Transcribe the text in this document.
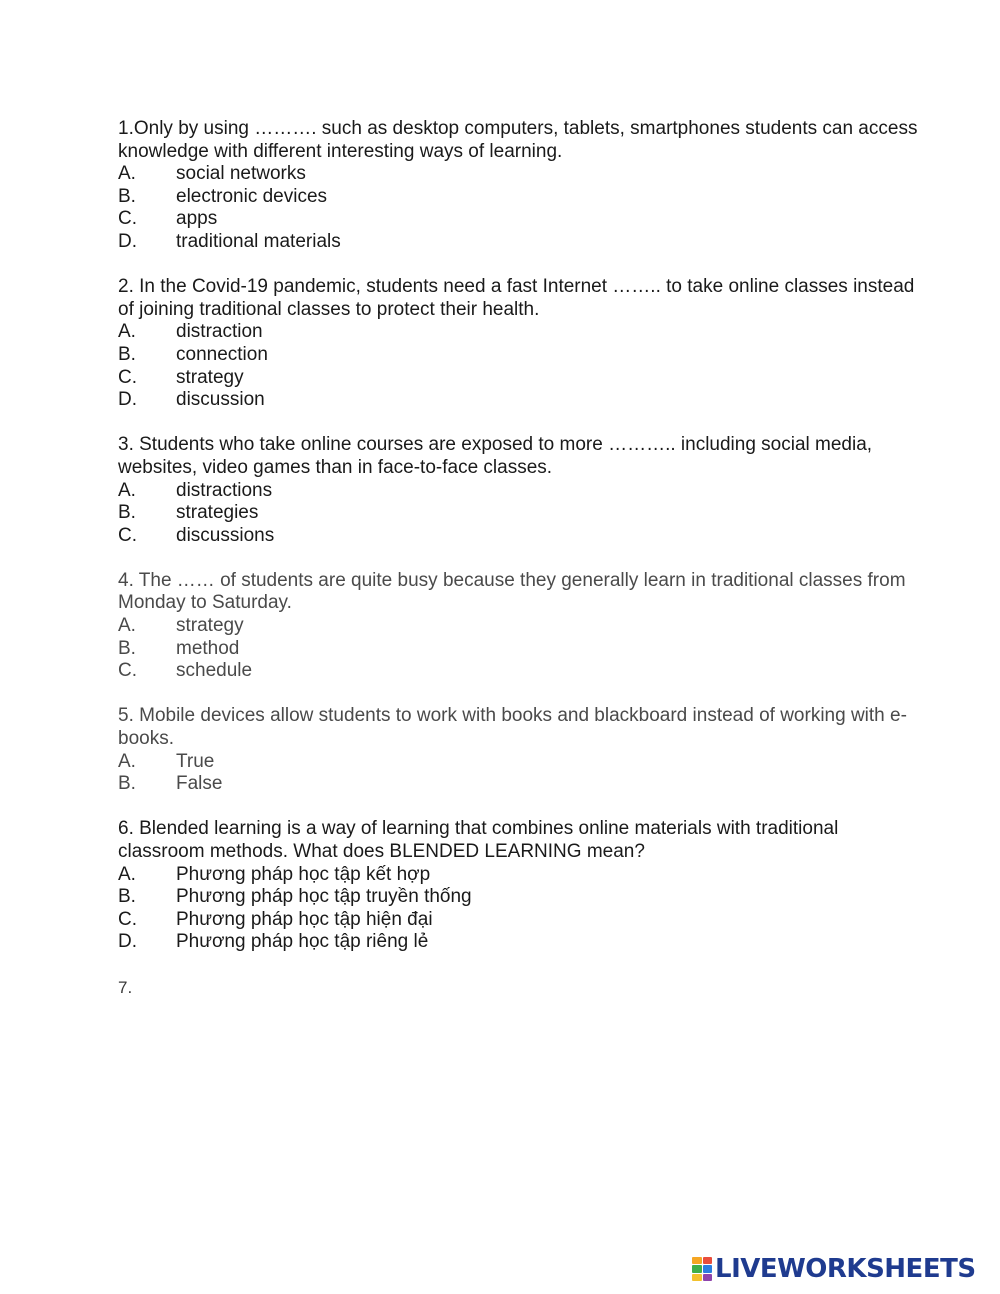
1.Only by using ………. such as desktop computers, tablets, smartphones students can access knowledge with different interesting ways of learning.
A.	social networks
B.	electronic devices
C.	apps
D.	traditional materials
2. In the Covid-19 pandemic, students need a fast Internet …….. to take online classes instead of joining traditional classes to protect their health.
A.	distraction
B.	connection
C.	strategy
D.	discussion
3. Students who take online courses are exposed to more ……….. including social media, websites, video games than in face-to-face classes.
A.	distractions
B.	strategies
C.	discussions
4. The …… of students are quite busy because they generally learn in traditional classes from Monday to Saturday.
A.	strategy
B.	method
C.	schedule
5. Mobile devices allow students to work with books and blackboard instead of working with e-books.
A.	True
B.	False
6. Blended learning is a way of learning that combines online materials with traditional classroom methods. What does BLENDED LEARNING mean?
A.	Phương pháp học tập kết hợp
B.	Phương pháp học tập truyền thống
C.	Phương pháp học tập hiện đại
D.	Phương pháp học tập riêng lẻ
7.
LIVEWORKSHEETS
